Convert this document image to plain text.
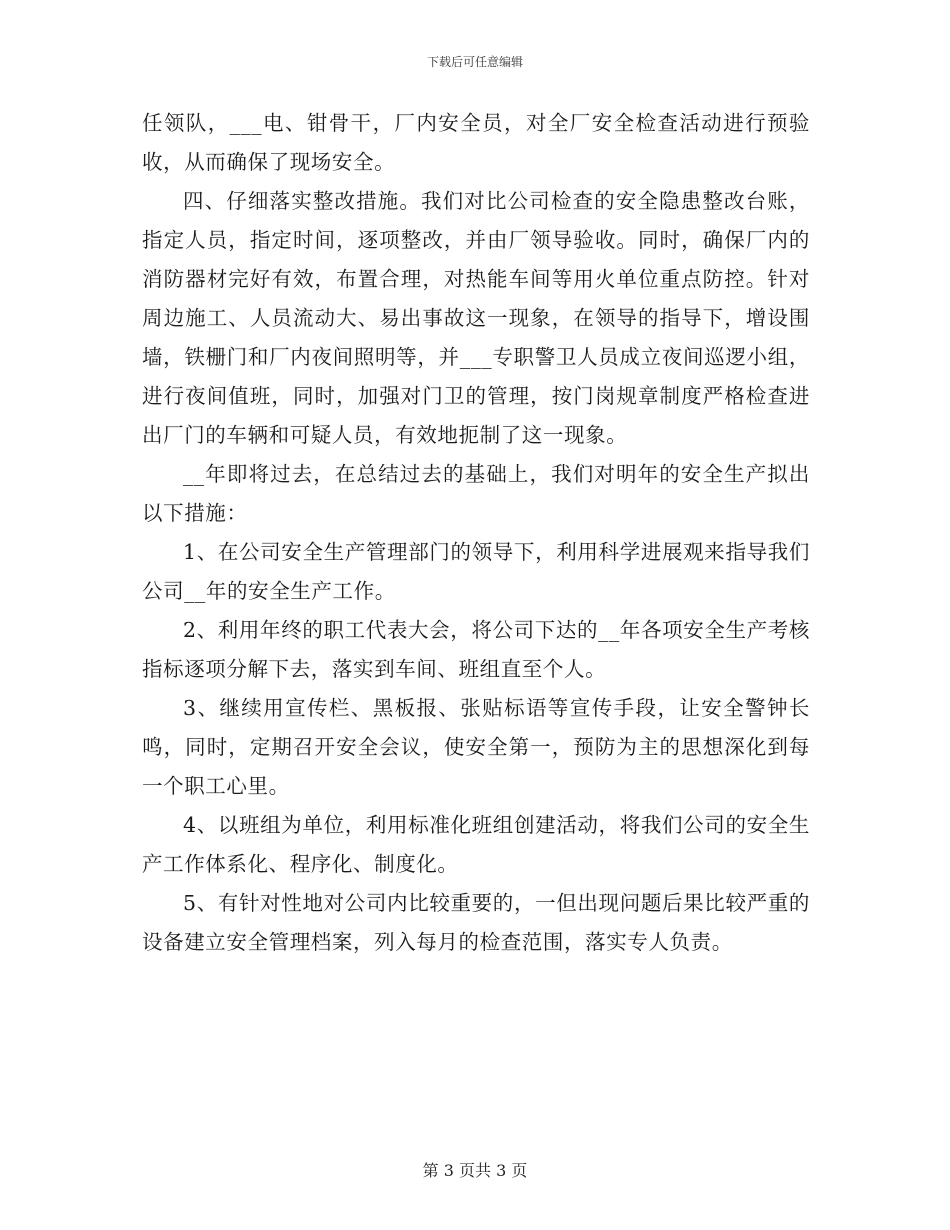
下载后可任意编辑

任领队，___电、钳骨干，厂内安全员，对全厂安全检查活动进行预验收，从而确保了现场安全。

四、仔细落实整改措施。我们对比公司检查的安全隐患整改台账，指定人员，指定时间，逐项整改，并由厂领导验收。同时，确保厂内的消防器材完好有效，布置合理，对热能车间等用火单位重点防控。针对周边施工、人员流动大、易出事故这一现象，在领导的指导下，增设围墙，铁栅门和厂内夜间照明等，并___专职警卫人员成立夜间巡逻小组，进行夜间值班，同时，加强对门卫的管理，按门岗规章制度严格检查进出厂门的车辆和可疑人员，有效地扼制了这一现象。

__年即将过去，在总结过去的基础上，我们对明年的安全生产拟出以下措施：

1、在公司安全生产管理部门的领导下，利用科学进展观来指导我们公司__年的安全生产工作。

2、利用年终的职工代表大会，将公司下达的__年各项安全生产考核指标逐项分解下去，落实到车间、班组直至个人。

3、继续用宣传栏、黑板报、张贴标语等宣传手段，让安全警钟长鸣，同时，定期召开安全会议，使安全第一，预防为主的思想深化到每一个职工心里。

4、以班组为单位，利用标准化班组创建活动，将我们公司的安全生产工作体系化、程序化、制度化。

5、有针对性地对公司内比较重要的，一但出现问题后果比较严重的设备建立安全管理档案，列入每月的检查范围，落实专人负责。

第 3 页共 3 页
